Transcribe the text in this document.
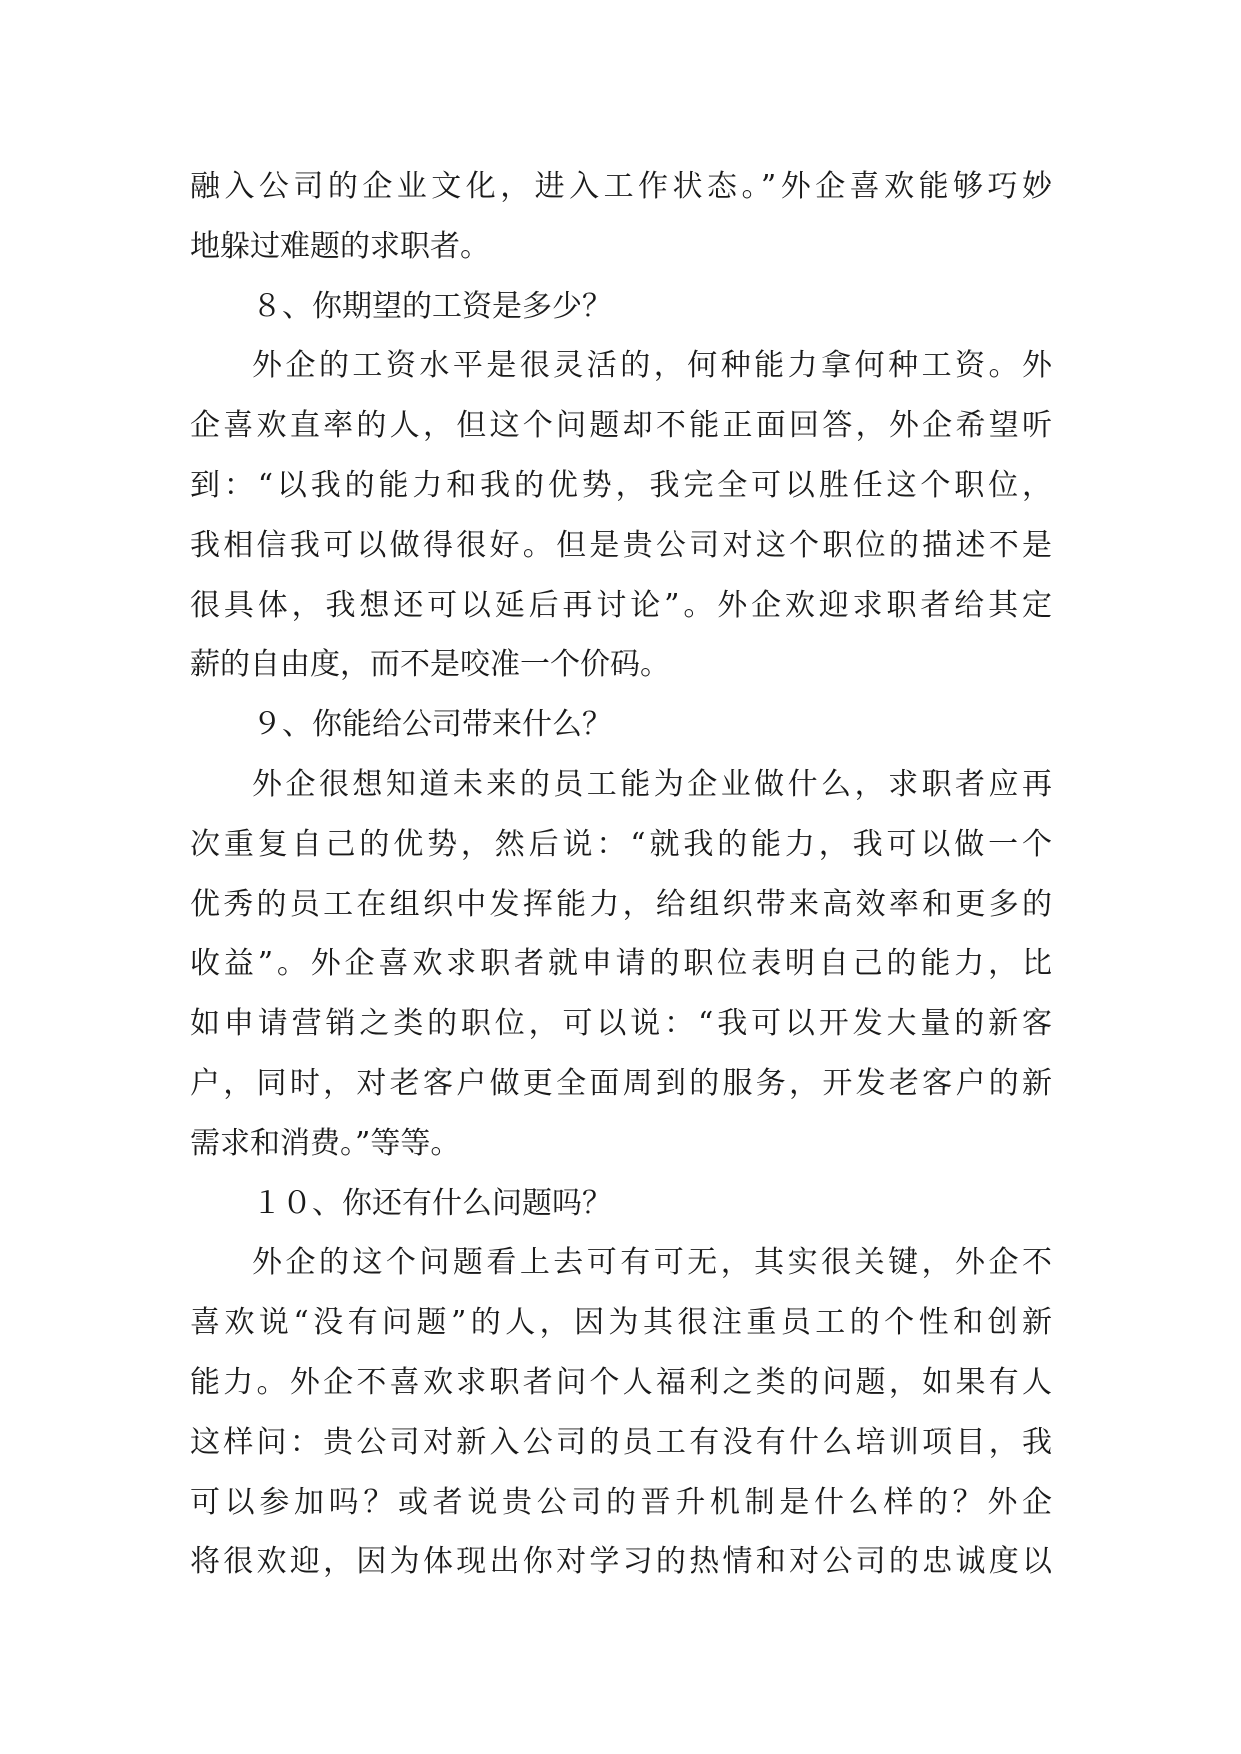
融入公司的企业文化，进入工作状态。”外企喜欢能够巧妙
地躲过难题的求职者。
８、你期望的工资是多少？
外企的工资水平是很灵活的，何种能力拿何种工资。外
企喜欢直率的人，但这个问题却不能正面回答，外企希望听
到：“以我的能力和我的优势，我完全可以胜任这个职位，
我相信我可以做得很好。但是贵公司对这个职位的描述不是
很具体，我想还可以延后再讨论”。外企欢迎求职者给其定
薪的自由度，而不是咬准一个价码。
９、你能给公司带来什么？
外企很想知道未来的员工能为企业做什么，求职者应再
次重复自己的优势，然后说：“就我的能力，我可以做一个
优秀的员工在组织中发挥能力，给组织带来高效率和更多的
收益”。外企喜欢求职者就申请的职位表明自己的能力，比
如申请营销之类的职位，可以说：“我可以开发大量的新客
户，同时，对老客户做更全面周到的服务，开发老客户的新
需求和消费。”等等。
１０、你还有什么问题吗？
外企的这个问题看上去可有可无，其实很关键，外企不
喜欢说“没有问题”的人，因为其很注重员工的个性和创新
能力。外企不喜欢求职者问个人福利之类的问题，如果有人
这样问：贵公司对新入公司的员工有没有什么培训项目，我
可以参加吗？或者说贵公司的晋升机制是什么样的？外企
将很欢迎，因为体现出你对学习的热情和对公司的忠诚度以
